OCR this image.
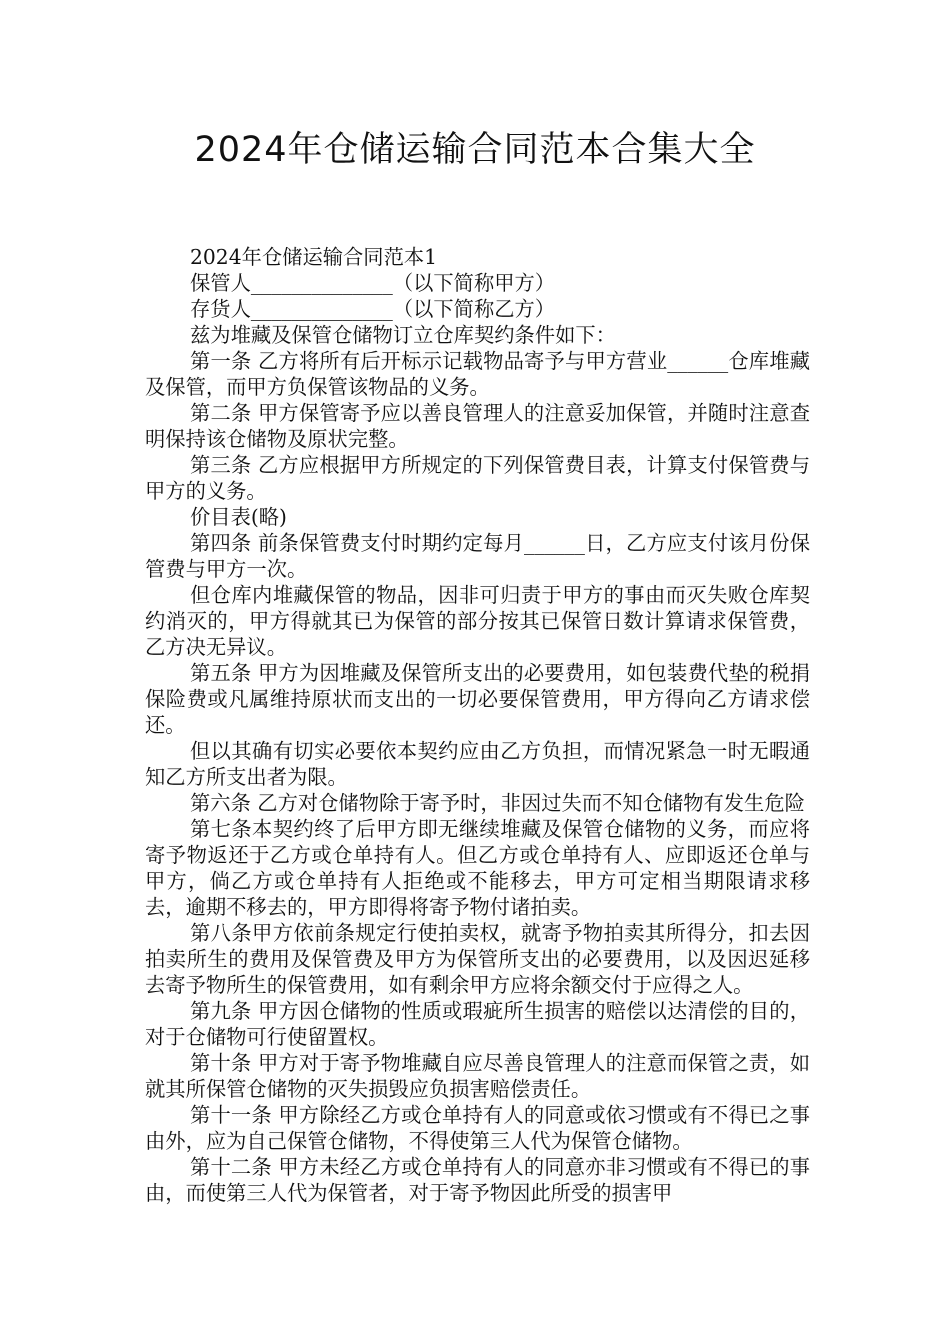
2024年仓储运输合同范本合集大全

2024年仓储运输合同范本1

保管人______________（以下简称甲方）

存货人______________（以下简称乙方）

兹为堆藏及保管仓储物订立仓库契约条件如下：

第一条 乙方将所有后开标示记载物品寄予与甲方营业______仓库堆藏及保管，而甲方负保管该物品的义务。

第二条 甲方保管寄予应以善良管理人的注意妥加保管，并随时注意查明保持该仓储物及原状完整。

第三条 乙方应根据甲方所规定的下列保管费目表，计算支付保管费与甲方的义务。

价目表(略)

第四条 前条保管费支付时期约定每月______日，乙方应支付该月份保管费与甲方一次。

但仓库内堆藏保管的物品，因非可归责于甲方的事由而灭失败仓库契约消灭的，甲方得就其已为保管的部分按其已保管日数计算请求保管费，乙方决无异议。

第五条 甲方为因堆藏及保管所支出的必要费用，如包装费代垫的税捐保险费或凡属维持原状而支出的一切必要保管费用，甲方得向乙方请求偿还。

但以其确有切实必要依本契约应由乙方负担，而情况紧急一时无暇通知乙方所支出者为限。

第六条 乙方对仓储物除于寄予时，非因过失而不知仓储物有发生危险

第七条本契约终了后甲方即无继续堆藏及保管仓储物的义务，而应将寄予物返还于乙方或仓单持有人。但乙方或仓单持有人、应即返还仓单与甲方，倘乙方或仓单持有人拒绝或不能移去，甲方可定相当期限请求移去，逾期不移去的，甲方即得将寄予物付诸拍卖。

第八条甲方依前条规定行使拍卖权，就寄予物拍卖其所得分，扣去因拍卖所生的费用及保管费及甲方为保管所支出的必要费用，以及因迟延移去寄予物所生的保管费用，如有剩余甲方应将余额交付于应得之人。

第九条 甲方因仓储物的性质或瑕疵所生损害的赔偿以达清偿的目的，对于仓储物可行使留置权。

第十条 甲方对于寄予物堆藏自应尽善良管理人的注意而保管之责，如就其所保管仓储物的灭失损毁应负损害赔偿责任。

第十一条 甲方除经乙方或仓单持有人的同意或依习惯或有不得已之事由外，应为自己保管仓储物，不得使第三人代为保管仓储物。

第十二条 甲方未经乙方或仓单持有人的同意亦非习惯或有不得已的事由，而使第三人代为保管者，对于寄予物因此所受的损害甲
